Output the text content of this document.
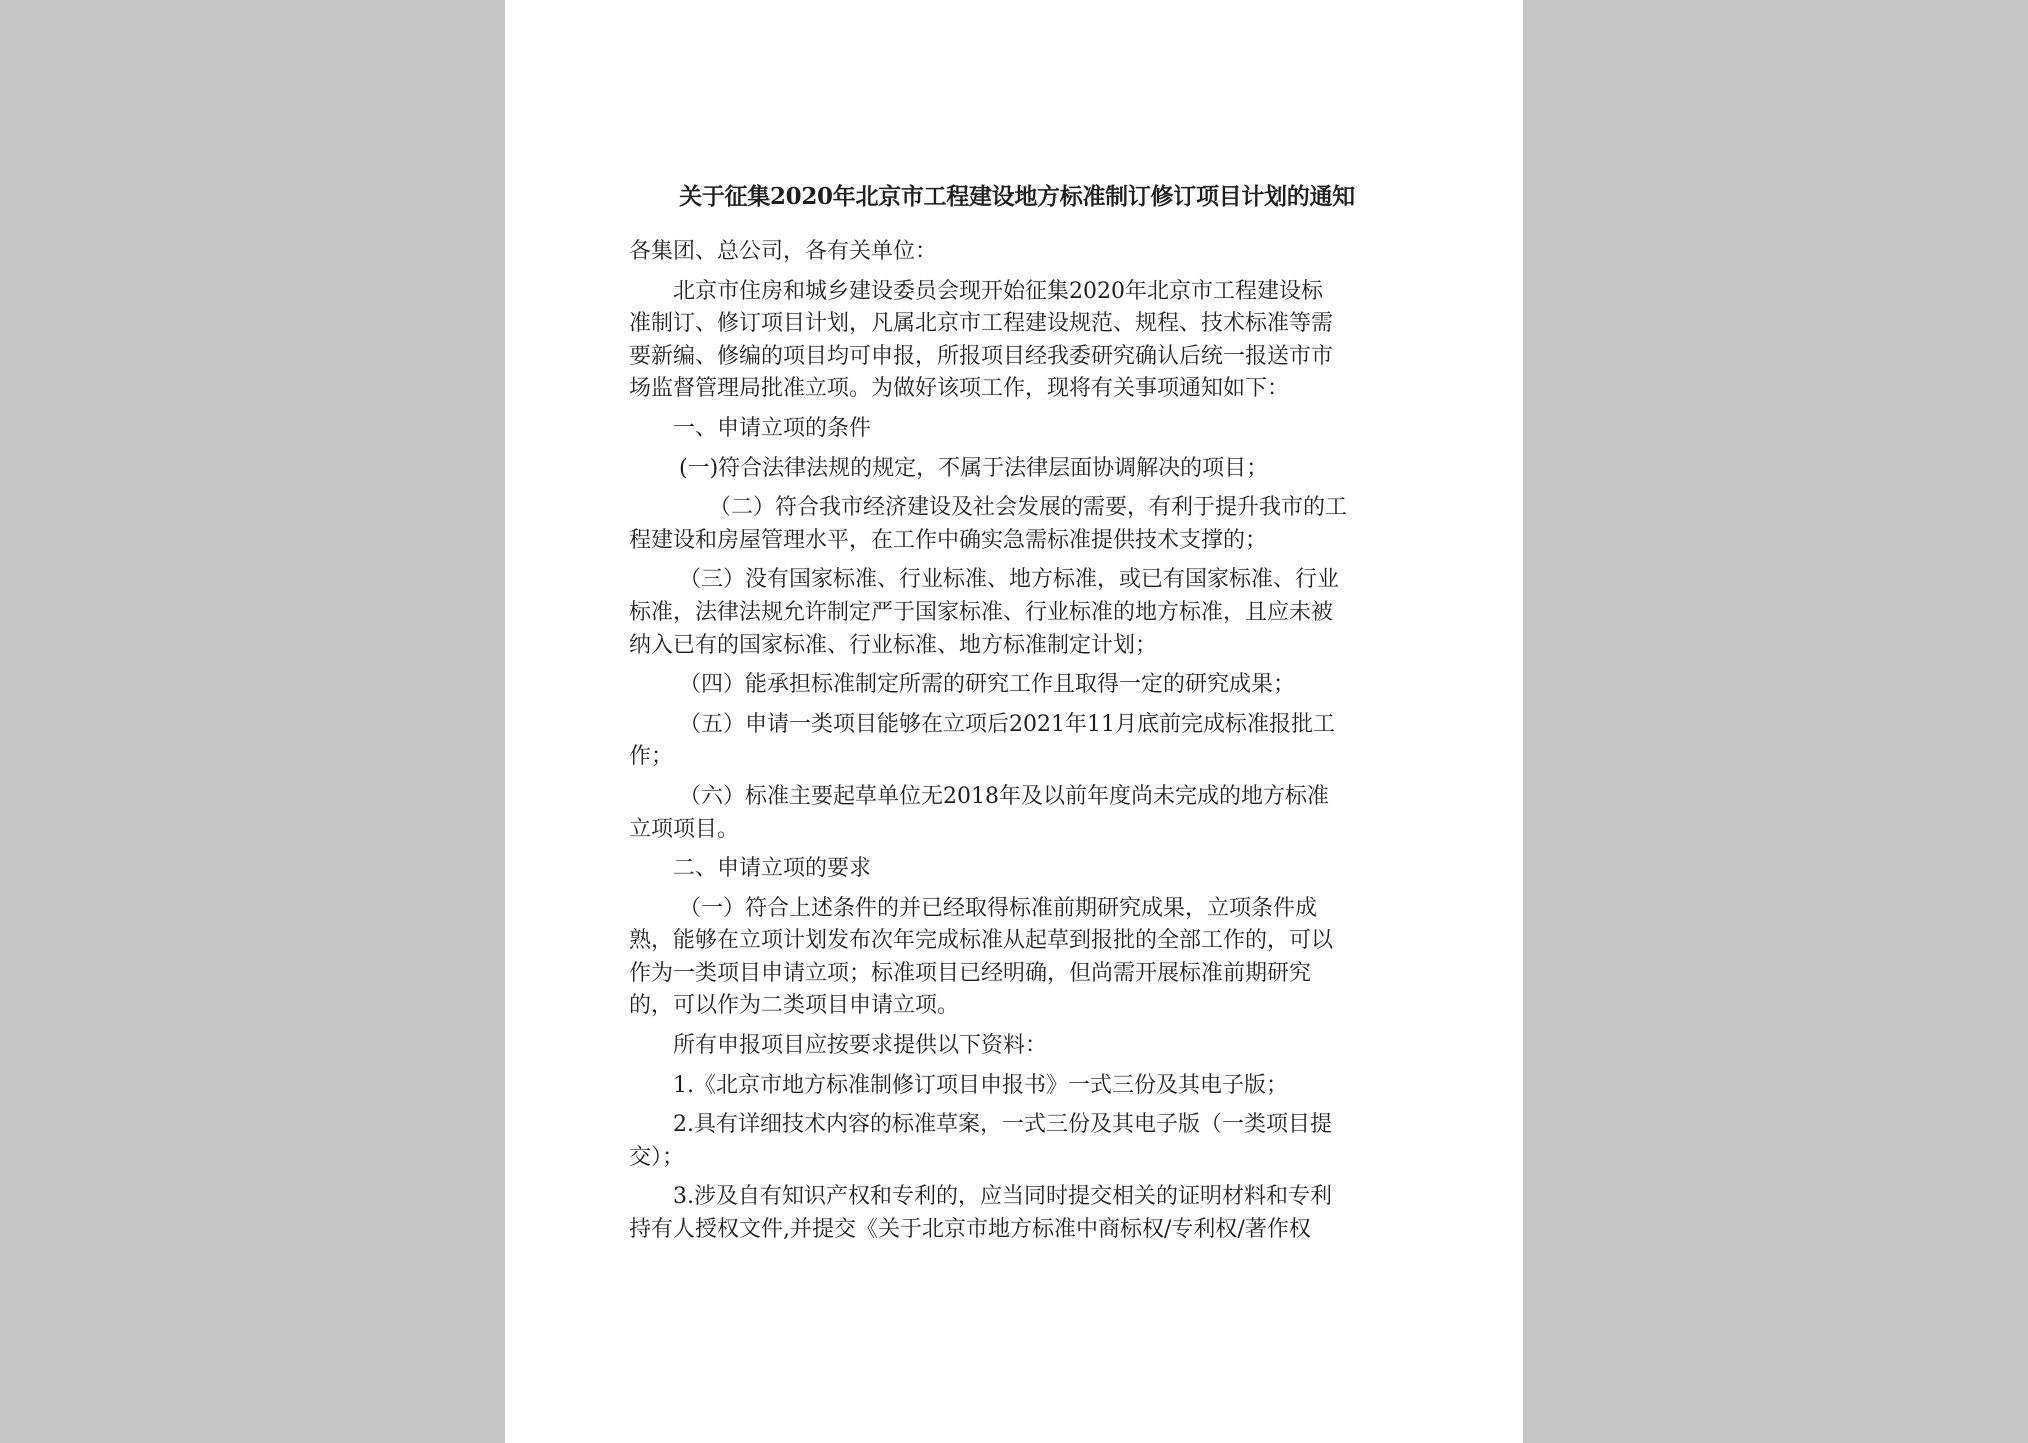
关于征集2020年北京市工程建设地方标准制订修订项目计划的通知
各集团、总公司，各有关单位：
北京市住房和城乡建设委员会现开始征集2020年北京市工程建设标
准制订、修订项目计划，凡属北京市工程建设规范、规程、技术标准等需
要新编、修编的项目均可申报，所报项目经我委研究确认后统一报送市市
场监督管理局批准立项。为做好该项工作，现将有关事项通知如下：
一、申请立项的条件
(一)符合法律法规的规定，不属于法律层面协调解决的项目；
（二）符合我市经济建设及社会发展的需要，有利于提升我市的工
程建设和房屋管理水平，在工作中确实急需标准提供技术支撑的；
（三）没有国家标准、行业标准、地方标准，或已有国家标准、行业
标准，法律法规允许制定严于国家标准、行业标准的地方标准，且应未被
纳入已有的国家标准、行业标准、地方标准制定计划；
（四）能承担标准制定所需的研究工作且取得一定的研究成果；
（五）申请一类项目能够在立项后2021年11月底前完成标准报批工
作；
（六）标准主要起草单位无2018年及以前年度尚未完成的地方标准
立项项目。
二、申请立项的要求
（一）符合上述条件的并已经取得标准前期研究成果，立项条件成
熟，能够在立项计划发布次年完成标准从起草到报批的全部工作的，可以
作为一类项目申请立项；标准项目已经明确，但尚需开展标准前期研究
的，可以作为二类项目申请立项。
所有申报项目应按要求提供以下资料：
1.《北京市地方标准制修订项目申报书》一式三份及其电子版；
2.具有详细技术内容的标准草案，一式三份及其电子版（一类项目提
交）；
3.涉及自有知识产权和专利的，应当同时提交相关的证明材料和专利
持有人授权文件,并提交《关于北京市地方标准中商标权/专利权/著作权
